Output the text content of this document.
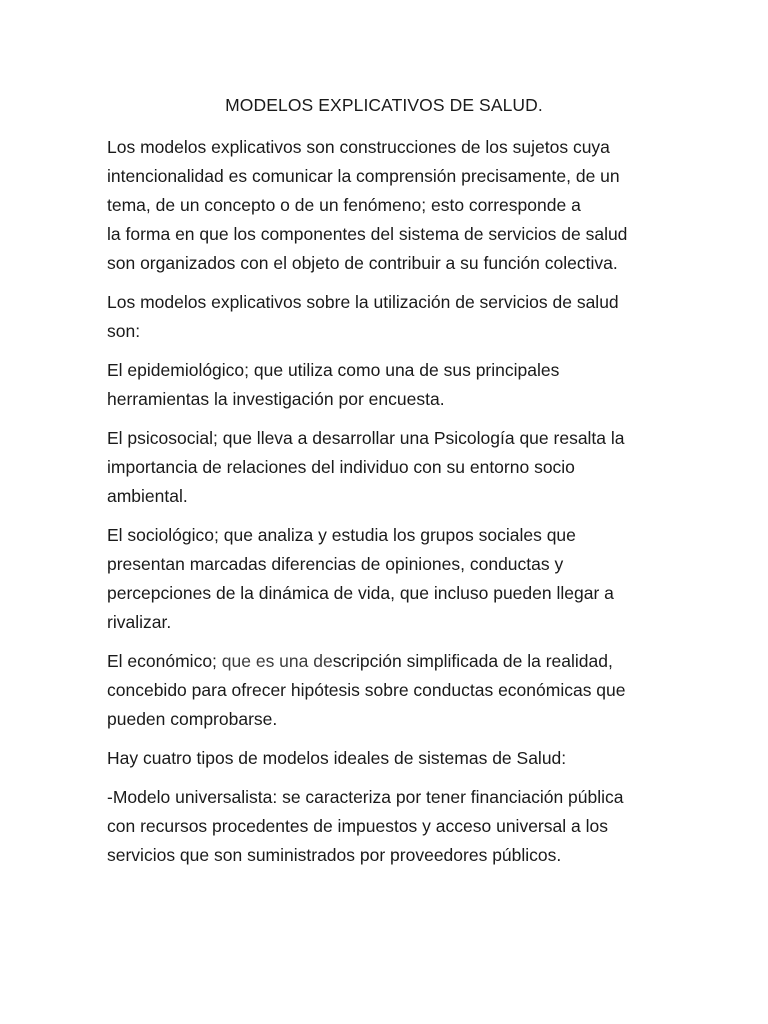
MODELOS EXPLICATIVOS DE SALUD.

Los modelos explicativos son construcciones de los sujetos cuya
intencionalidad es comunicar la comprensión precisamente, de un
tema, de un concepto o de un fenómeno; esto corresponde a
la forma en que los componentes del sistema de servicios de salud
son organizados con el objeto de contribuir a su función colectiva.

Los modelos explicativos sobre la utilización de servicios de salud
son:

El epidemiológico; que utiliza como una de sus principales
herramientas la investigación por encuesta.

El psicosocial; que lleva a desarrollar una Psicología que resalta la
importancia de relaciones del individuo con su entorno socio
ambiental.

El sociológico; que analiza y estudia los grupos sociales que
presentan marcadas diferencias de opiniones, conductas y
percepciones de la dinámica de vida, que incluso pueden llegar a
rivalizar.

El económico; que es una descripción simplificada de la realidad,
concebido para ofrecer hipótesis sobre conductas económicas que
pueden comprobarse.

Hay cuatro tipos de modelos ideales de sistemas de Salud:

-Modelo universalista: se caracteriza por tener financiación pública
con recursos procedentes de impuestos y acceso universal a los
servicios que son suministrados por proveedores públicos.
